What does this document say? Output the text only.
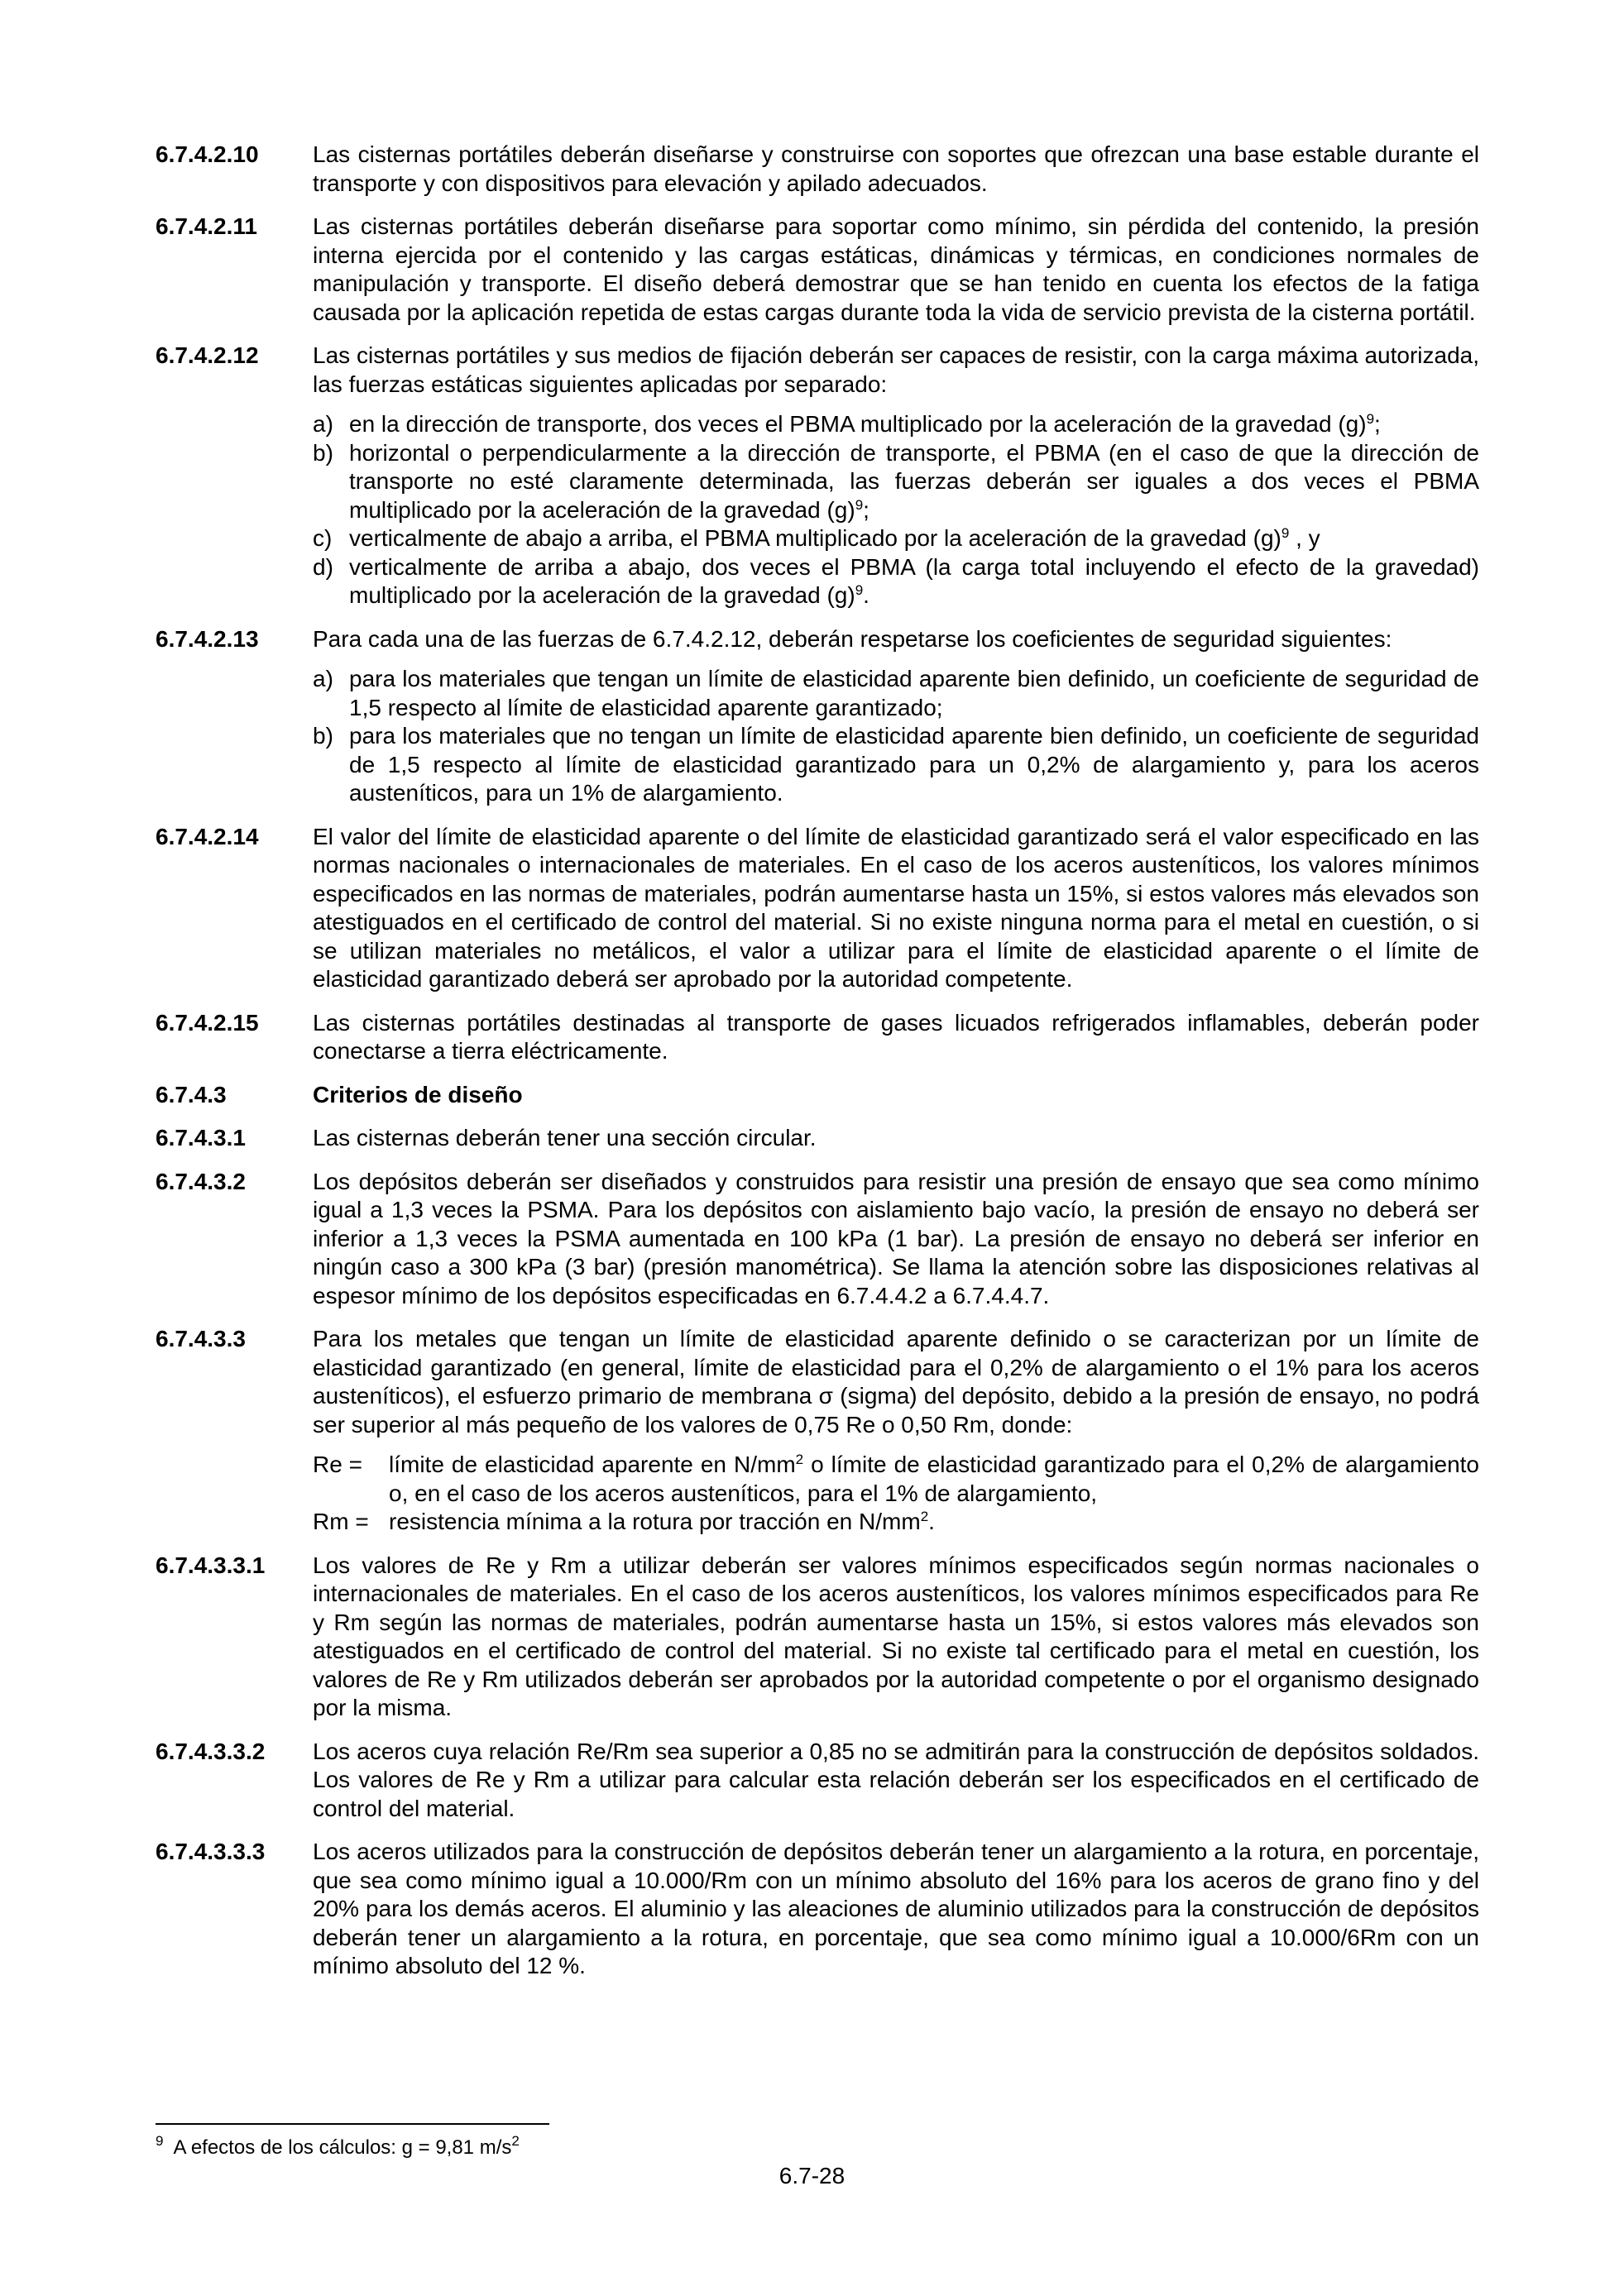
6.7.4.2.10	Las cisternas portátiles deberán diseñarse y construirse con soportes que ofrezcan una base estable durante el transporte y con dispositivos para elevación y apilado adecuados.
6.7.4.2.11	Las cisternas portátiles deberán diseñarse para soportar como mínimo, sin pérdida del contenido, la presión interna ejercida por el contenido y las cargas estáticas, dinámicas y térmicas, en condiciones normales de manipulación y transporte. El diseño deberá demostrar que se han tenido en cuenta los efectos de la fatiga causada por la aplicación repetida de estas cargas durante toda la vida de servicio prevista de la cisterna portátil.
6.7.4.2.12	Las cisternas portátiles y sus medios de fijación deberán ser capaces de resistir, con la carga máxima autorizada, las fuerzas estáticas siguientes aplicadas por separado:
a) en la dirección de transporte, dos veces el PBMA multiplicado por la aceleración de la gravedad $(g)^9$;
b) horizontal o perpendicularmente a la dirección de transporte, el PBMA (en el caso de que la dirección de transporte no esté claramente determinada, las fuerzas deberán ser iguales a dos veces el PBMA multiplicado por la aceleración de la gravedad $(g)^9$;
c) verticalmente de abajo a arriba, el PBMA multiplicado por la aceleración de la gravedad $(g)^9$ , y
d) verticalmente de arriba a abajo, dos veces el PBMA (la carga total incluyendo el efecto de la gravedad) multiplicado por la aceleración de la gravedad $(g)^9$.
6.7.4.2.13	Para cada una de las fuerzas de 6.7.4.2.12, deberán respetarse los coeficientes de seguridad siguientes:
a) para los materiales que tengan un límite de elasticidad aparente bien definido, un coeficiente de seguridad de 1,5 respecto al límite de elasticidad aparente garantizado;
b) para los materiales que no tengan un límite de elasticidad aparente bien definido, un coeficiente de seguridad de 1,5 respecto al límite de elasticidad garantizado para un 0,2% de alargamiento y, para los aceros austeníticos, para un 1% de alargamiento.
6.7.4.2.14	El valor del límite de elasticidad aparente o del límite de elasticidad garantizado será el valor especificado en las normas nacionales o internacionales de materiales. En el caso de los aceros austeníticos, los valores mínimos especificados en las normas de materiales, podrán aumentarse hasta un 15%, si estos valores más elevados son atestiguados en el certificado de control del material. Si no existe ninguna norma para el metal en cuestión, o si se utilizan materiales no metálicos, el valor a utilizar para el límite de elasticidad aparente o el límite de elasticidad garantizado deberá ser aprobado por la autoridad competente.
6.7.4.2.15	Las cisternas portátiles destinadas al transporte de gases licuados refrigerados inflamables, deberán poder conectarse a tierra eléctricamente.
6.7.4.3	Criterios de diseño
6.7.4.3.1	Las cisternas deberán tener una sección circular.
6.7.4.3.2	Los depósitos deberán ser diseñados y construidos para resistir una presión de ensayo que sea como mínimo igual a 1,3 veces la PSMA. Para los depósitos con aislamiento bajo vacío, la presión de ensayo no deberá ser inferior a 1,3 veces la PSMA aumentada en 100 kPa (1 bar). La presión de ensayo no deberá ser inferior en ningún caso a 300 kPa (3 bar) (presión manométrica). Se llama la atención sobre las disposiciones relativas al espesor mínimo de los depósitos especificadas en 6.7.4.4.2 a 6.7.4.4.7.
6.7.4.3.3	Para los metales que tengan un límite de elasticidad aparente definido o se caracterizan por un límite de elasticidad garantizado (en general, límite de elasticidad para el 0,2% de alargamiento o el 1% para los aceros austeníticos), el esfuerzo primario de membrana σ (sigma) del depósito, debido a la presión de ensayo, no podrá ser superior al más pequeño de los valores de 0,75 Re o 0,50 Rm, donde:
Re =	límite de elasticidad aparente en $N/mm^2$ o límite de elasticidad garantizado para el 0,2% de alargamiento o, en el caso de los aceros austeníticos, para el 1% de alargamiento,
Rm = resistencia mínima a la rotura por tracción en $N/mm^2$.
6.7.4.3.3.1	Los valores de Re y Rm a utilizar deberán ser valores mínimos especificados según normas nacionales o internacionales de materiales. En el caso de los aceros austeníticos, los valores mínimos especificados para Re y Rm según las normas de materiales, podrán aumentarse hasta un 15%, si estos valores más elevados son atestiguados en el certificado de control del material. Si no existe tal certificado para el metal en cuestión, los valores de Re y Rm utilizados deberán ser aprobados por la autoridad competente o por el organismo designado por la misma.
6.7.4.3.3.2	Los aceros cuya relación Re/Rm sea superior a 0,85 no se admitirán para la construcción de depósitos soldados. Los valores de Re y Rm a utilizar para calcular esta relación deberán ser los especificados en el certificado de control del material.
6.7.4.3.3.3	Los aceros utilizados para la construcción de depósitos deberán tener un alargamiento a la rotura, en porcentaje, que sea como mínimo igual a 10.000/Rm con un mínimo absoluto del 16% para los aceros de grano fino y del 20% para los demás aceros. El aluminio y las aleaciones de aluminio utilizados para la construcción de depósitos deberán tener un alargamiento a la rotura, en porcentaje, que sea como mínimo igual a 10.000/6Rm con un mínimo absoluto del 12 %.
$^9$ A efectos de los cálculos: g = 9,81 $m/s^2$
6.7-28
